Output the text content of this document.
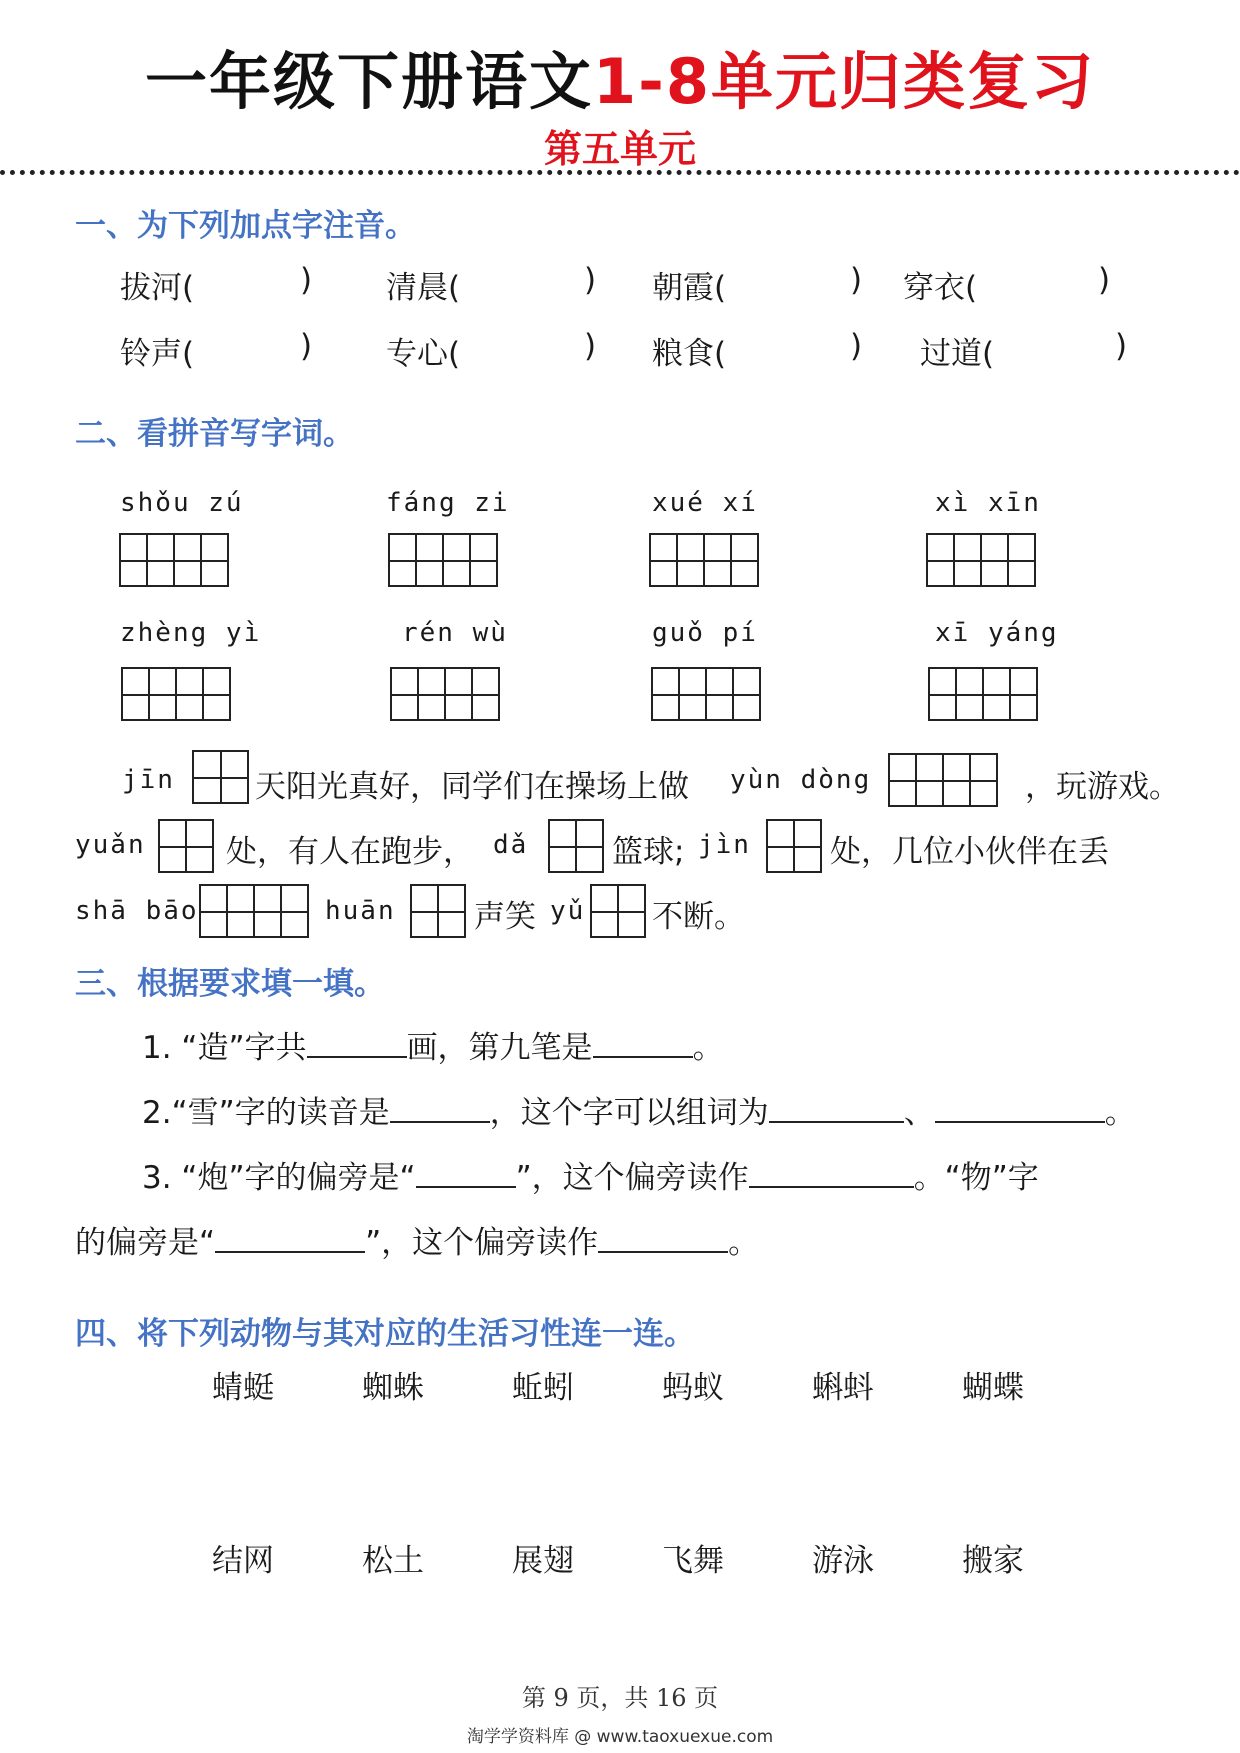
一年级下册语文1-8单元归类复习
第五单元
一、为下列加点字注音。
拔河(	) 清晨(	) 朝霞(	) 穿衣(	)
铃声(	) 专心(	) 粮食(	) 过道(	)
二、看拼音写字词。
shǒu zú	fáng zi	xué xí	xì xīn
zhèng yì	rén wù	guǒ pí	xī yáng
jīn	天阳光真好，同学们在操场上做 yùn dòng	，玩游戏。
yuǎn	处，有人在跑步， dǎ	篮球; jìn	处，几位小伙伴在丢
shā bāo	huān	声笑 yǔ 不断。
三、根据要求填一填。
1. “造”字共	画，第九笔是	。
2.“雪”字的读音是	，这个字可以组词为	、	。
3. “炮”字的偏旁是“	”，这个偏旁读作	。“物”字
的偏旁是“	”，这个偏旁读作	。
四、将下列动物与其对应的生活习性连一连。
蜻蜓	蜘蛛	蚯蚓	蚂蚁	蝌蚪	蝴蝶
结网	松土	展翅	飞舞	游泳	搬家
第 9 页，共 16 页
淘学学资料库 @ www.taoxuexue.com
